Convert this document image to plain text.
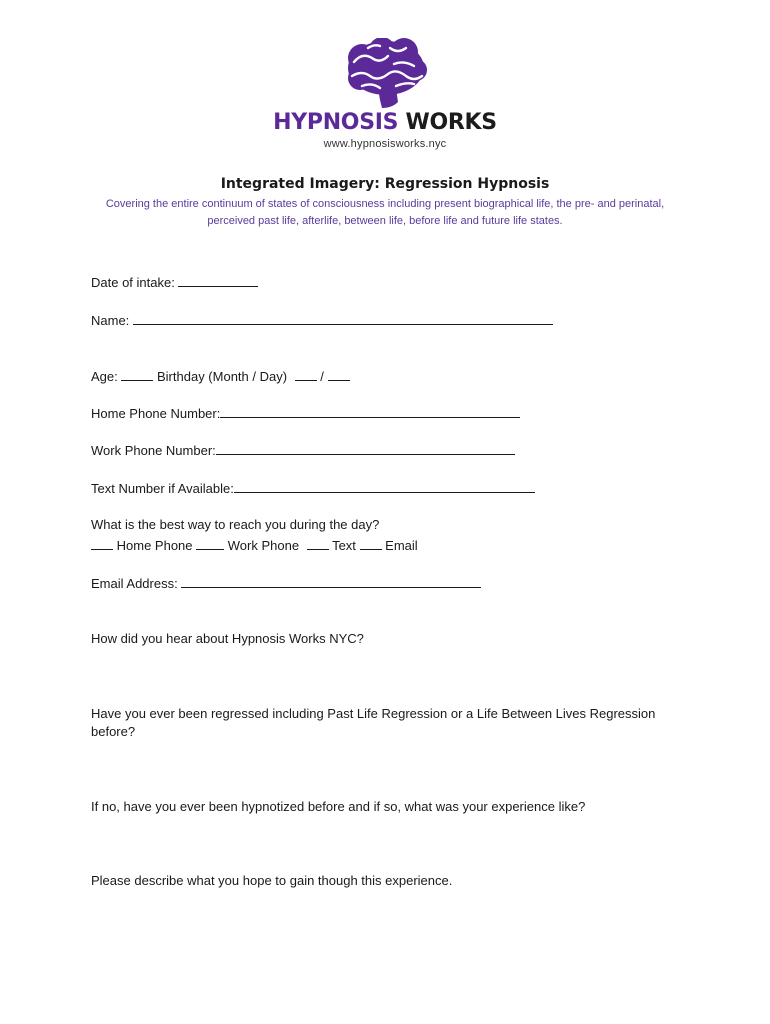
HYPNOSIS WORKS
www.hypnosisworks.nyc
Integrated Imagery: Regression Hypnosis
Covering the entire continuum of states of consciousness including present biographical life, the pre- and perinatal, perceived past life, afterlife, between life, before life and future life states.
Date of intake:
Name:
Age:	Birthday (Month / Day)	/
Home Phone Number:
Work Phone Number:
Text Number if Available:
What is the best way to reach you during the day?
Home Phone	Work Phone	Text Email
Email Address:
How did you hear about Hypnosis Works NYC?
Have you ever been regressed including Past Life Regression or a Life Between Lives Regression before?
If no, have you ever been hypnotized before and if so, what was your experience like?
Please describe what you hope to gain though this experience.
